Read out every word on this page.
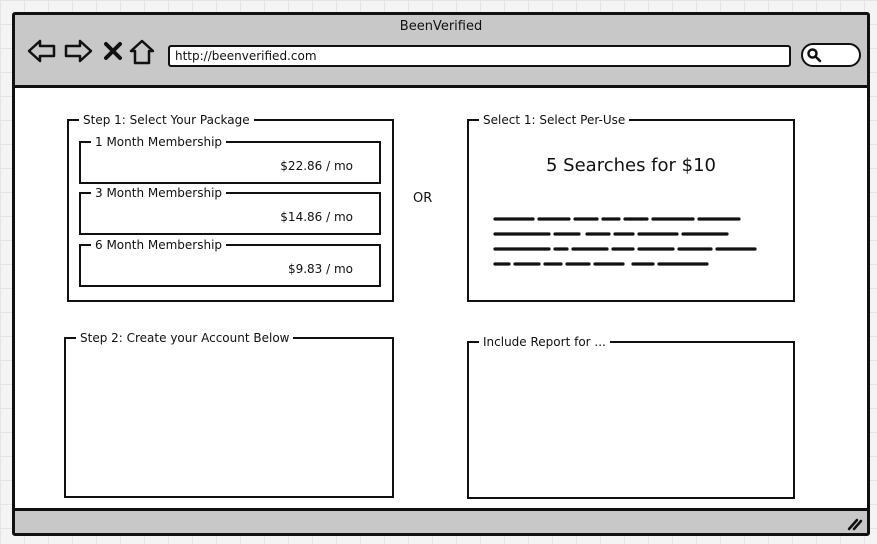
BeenVerified
http://beenverified.com
Step 1: Select Your Package
1 Month Membership
$22.86 / mo
3 Month Membership
$14.86 / mo
6 Month Membership
$9.83 / mo
OR
Select 1: Select Per-Use
5 Searches for $10
Step 2: Create your Account Below	Include Report for ...
